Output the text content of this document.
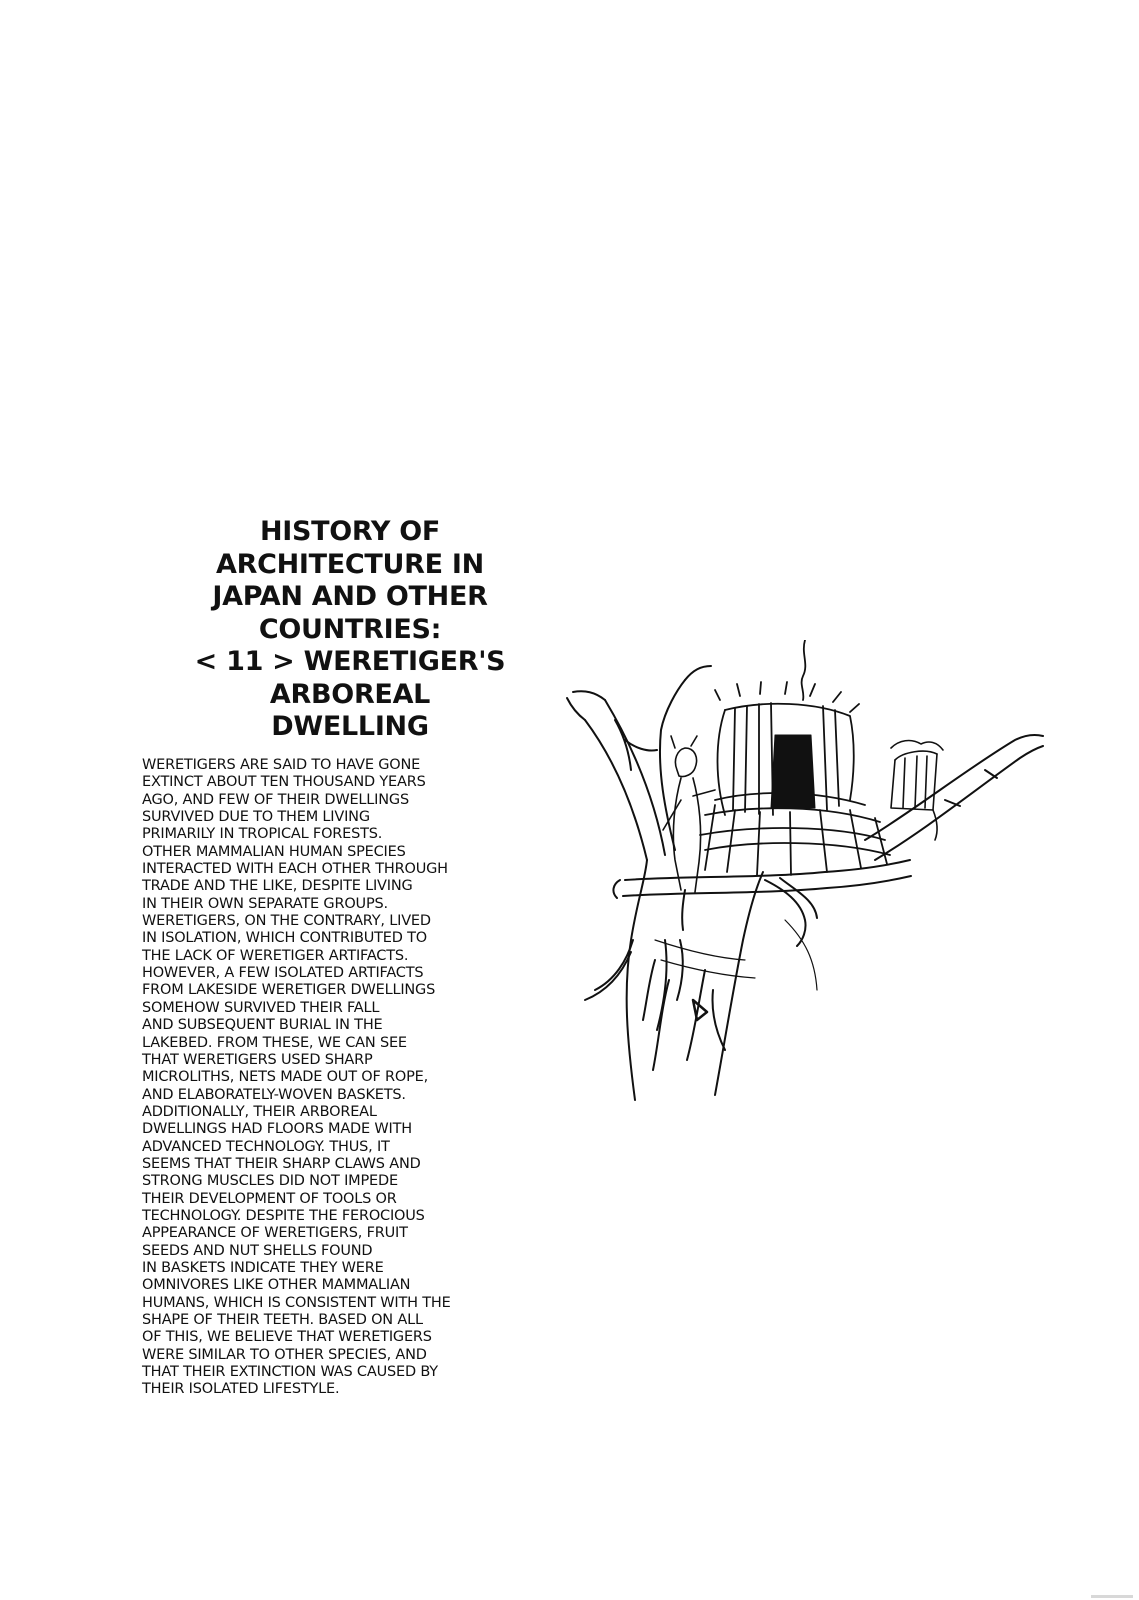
HISTORY OF
ARCHITECTURE IN
JAPAN AND OTHER
COUNTRIES:
< 11 > WERETIGER'S
ARBOREAL
DWELLING
WERETIGERS ARE SAID TO HAVE GONE
EXTINCT ABOUT TEN THOUSAND YEARS
AGO, AND FEW OF THEIR DWELLINGS
SURVIVED DUE TO THEM LIVING
PRIMARILY IN TROPICAL FORESTS.
OTHER MAMMALIAN HUMAN SPECIES
INTERACTED WITH EACH OTHER THROUGH
TRADE AND THE LIKE, DESPITE LIVING
IN THEIR OWN SEPARATE GROUPS.
WERETIGERS, ON THE CONTRARY, LIVED
IN ISOLATION, WHICH CONTRIBUTED TO
THE LACK OF WERETIGER ARTIFACTS.
HOWEVER, A FEW ISOLATED ARTIFACTS
FROM LAKESIDE WERETIGER DWELLINGS
SOMEHOW SURVIVED THEIR FALL
AND SUBSEQUENT BURIAL IN THE
LAKEBED. FROM THESE, WE CAN SEE
THAT WERETIGERS USED SHARP
MICROLITHS, NETS MADE OUT OF ROPE,
AND ELABORATELY-WOVEN BASKETS.
ADDITIONALLY, THEIR ARBOREAL
DWELLINGS HAD FLOORS MADE WITH
ADVANCED TECHNOLOGY. THUS, IT
SEEMS THAT THEIR SHARP CLAWS AND
STRONG MUSCLES DID NOT IMPEDE
THEIR DEVELOPMENT OF TOOLS OR
TECHNOLOGY. DESPITE THE FEROCIOUS
APPEARANCE OF WERETIGERS, FRUIT
SEEDS AND NUT SHELLS FOUND
IN BASKETS INDICATE THEY WERE
OMNIVORES LIKE OTHER MAMMALIAN
HUMANS, WHICH IS CONSISTENT WITH THE
SHAPE OF THEIR TEETH. BASED ON ALL
OF THIS, WE BELIEVE THAT WERETIGERS
WERE SIMILAR TO OTHER SPECIES, AND
THAT THEIR EXTINCTION WAS CAUSED BY
THEIR ISOLATED LIFESTYLE.
